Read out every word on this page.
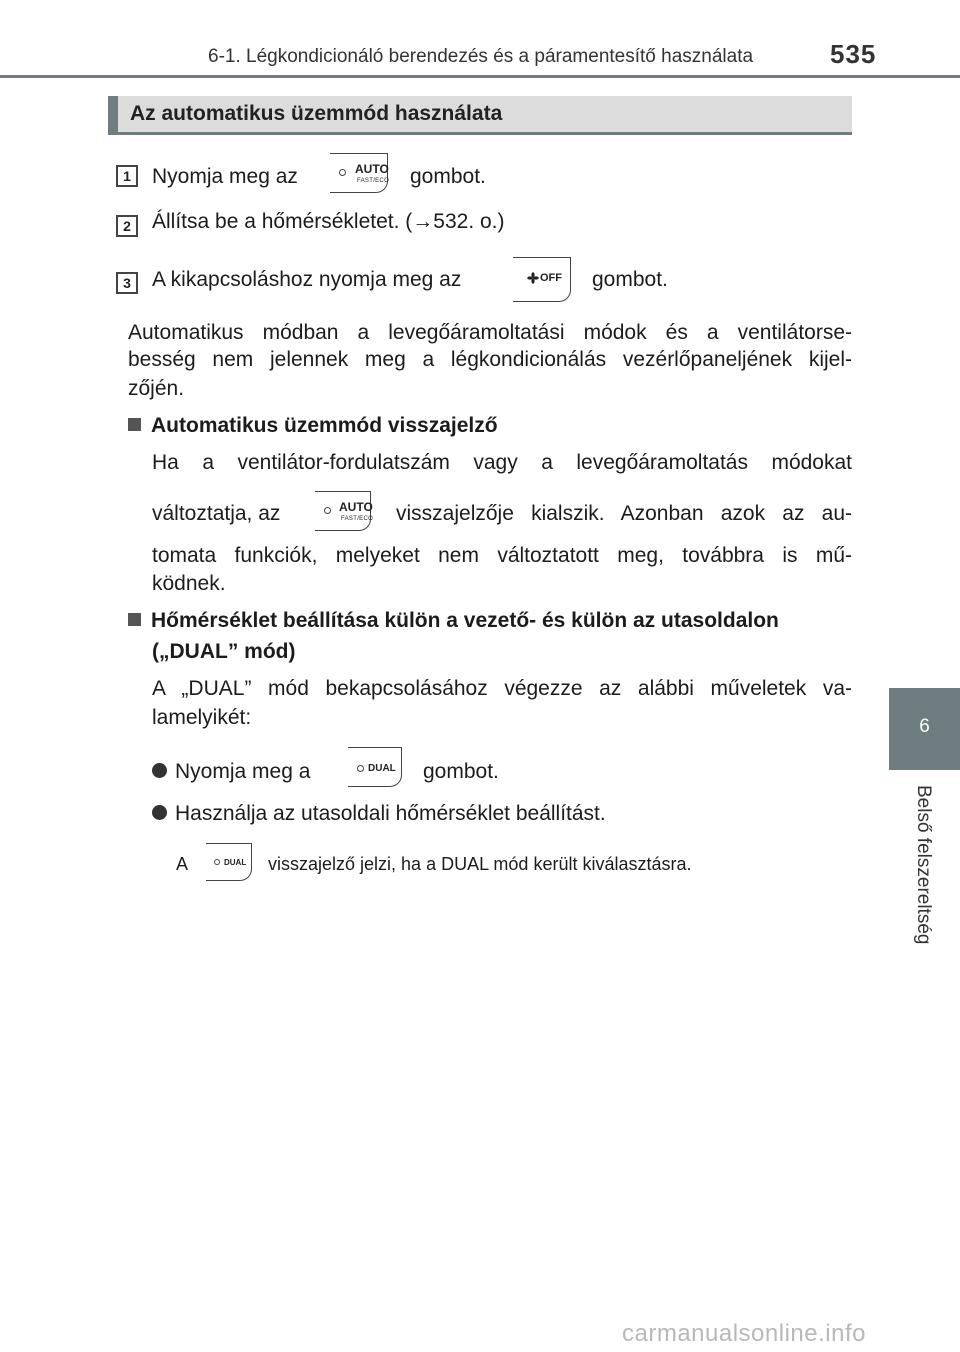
6-1. Légkondicionáló berendezés és a páramentesítő használata	535
6
Belső felszereltség
Az automatikus üzemmód használata
1	Nyomja meg az	AUTO
FAST/ECO gombot.
2	Állítsa be a hőmérsékletet. (→532. o.)
3	A kikapcsoláshoz nyomja meg az	OFF gombot.
Automatikus módban a levegőáramoltatási módok és a ventilátorse-
besség nem jelennek meg a légkondicionálás vezérlőpaneljének kijel-
zőjén.
Automatikus üzemmód visszajelző
Ha a ventilátor-fordulatszám vagy a levegőáramoltatás módokat
változtatja, az	AUTO
FAST/ECO visszajelzője kialszik. Azonban azok az au-
tomata funkciók, melyeket nem változtatott meg, továbbra is mű-
ködnek.
Hőmérséklet beállítása külön a vezető- és külön az utasoldalon
(„DUAL” mód)
A „DUAL” mód bekapcsolásához végezze az alábbi műveletek va-
lamelyikét:
Nyomja meg a	DUAL gombot.
Használja az utasoldali hőmérséklet beállítást.
A	DUAL visszajelző jelzi, ha a DUAL mód került kiválasztásra.
carmanualsonline.info
